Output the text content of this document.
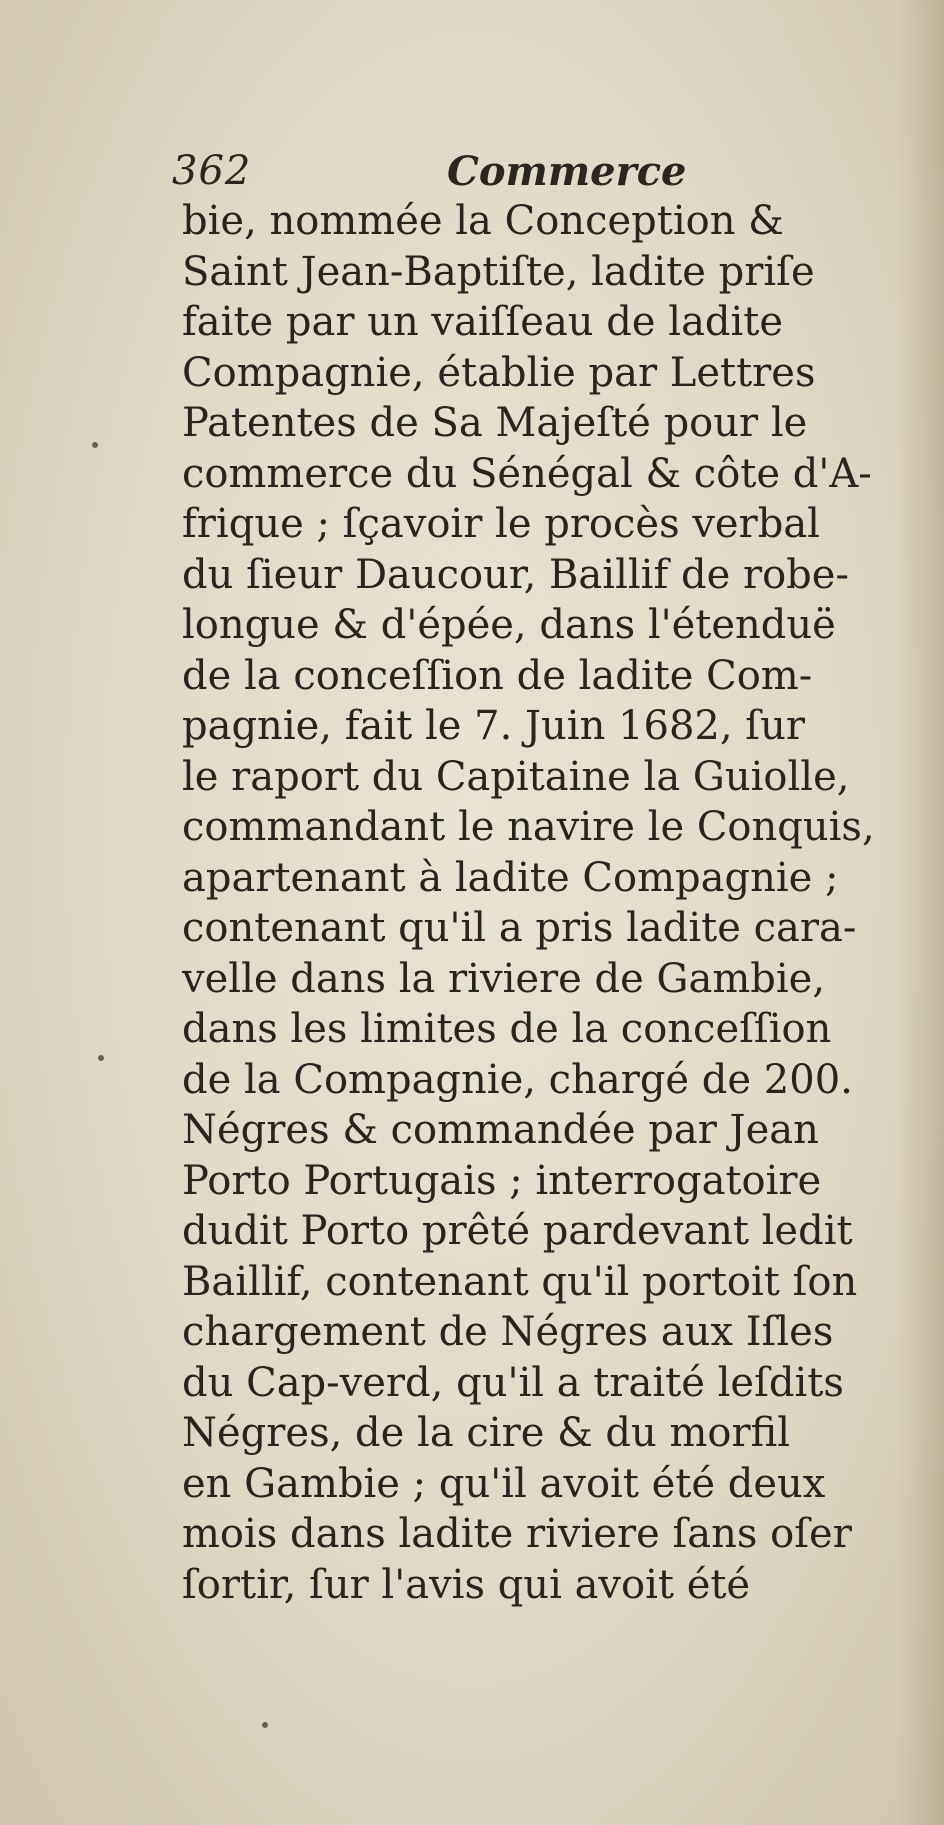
362	Commerce
bie, nommée la Conception &
Saint Jean-Baptiſte, ladite priſe
faite par un vaiſſeau de ladite
Compagnie, établie par Lettres
Patentes de Sa Majeſté pour le
commerce du Sénégal & côte d'A-
frique ; ſçavoir le procès verbal
du ſieur Daucour, Baillif de robe-
longue & d'épée, dans l'étenduë
de la conceſſion de ladite Com-
pagnie, fait le 7. Juin 1682, ſur
le raport du Capitaine la Guiolle,
commandant le navire le Conquis,
apartenant à ladite Compagnie ;
contenant qu'il a pris ladite cara-
velle dans la riviere de Gambie,
dans les limites de la conceſſion
de la Compagnie, chargé de 200.
Négres & commandée par Jean
Porto Portugais ; interrogatoire
dudit Porto prêté pardevant ledit
Baillif, contenant qu'il portoit ſon
chargement de Négres aux Iſles
du Cap-verd, qu'il a traité leſdits
Négres, de la cire & du morfil
en Gambie ; qu'il avoit été deux
mois dans ladite riviere ſans oſer
ſortir, ſur l'avis qui avoit été
